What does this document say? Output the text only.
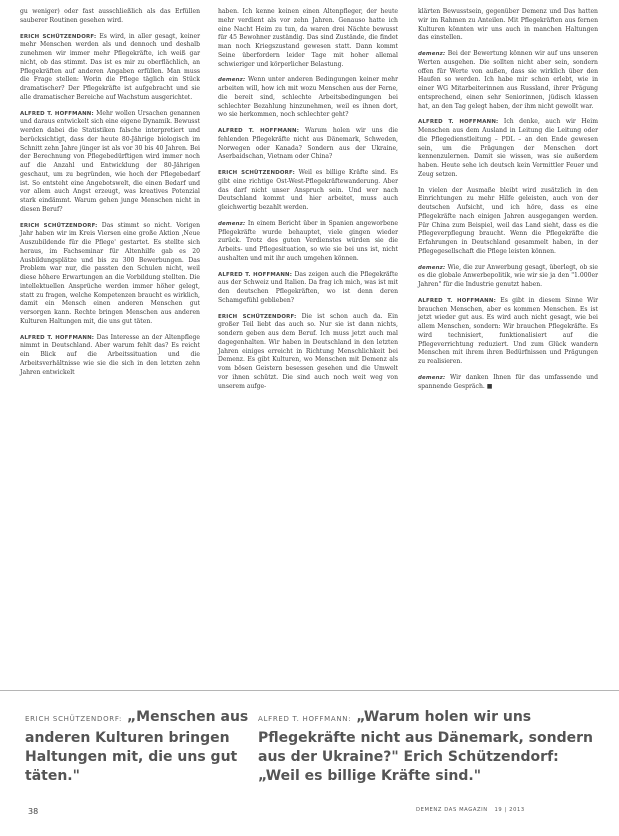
gu weniger) oder fast ausschließlich als das Erfüllen sauberer Routinen gesehen wird.

ERICH SCHÜTZENDORF: Es wird, in aller gesagt, keiner mehr Menschen werden als und dennoch und deshalb zunehmen wir immer mehr Pflegekräfte, ich weiß gar nicht, ob das stimmt. Das ist es mir zu oberflächlich, an Pflegekräften auf anderen Angaben erfüllen. Man muss die Frage stellen: Worin die Pflege täglich ein Stück dramatischer? Der Pflegekräfte ist aufgebracht und sie alle dramatischer Bereiche auf Wachstum ausgerichtet.

ALFRED T. HOFFMANN: Mehr wollen Ursachen genannen und daraus entwickelt sich eine eigene Dynamik. Bewusst werden dabei die Statistiken falsche interpretiert und berücksichtigt, dass der heute 80-Jährige biologisch im Schnitt zehn Jahre jünger ist als vor 30 bis 40 Jahren. Bei der Berechnung von Pflegebedürftigen wird immer noch auf die Anzahl und Entwicklung der 80-Jährigen geschaut, um zu begründen, wie hoch der Pflegebedarf ist. So entsteht eine Angebotswelt, die einen Bedarf und vor allem auch Angst erzeugt, was kreatives Potenzial stark eindämmt. Warum gehen junge Menschen nicht in diesen Beruf?

ERICH SCHÜTZENDORF: Das stimmt so nicht. Vorigen Jahr haben wir im Kreis Viersen eine große Aktion ‚Neue Auszubildende für die Pflege' gestartet. Es stellte sich heraus, im Fachseminar für Altenhilfe gab es 20 Ausbildungsplätze und bis zu 300 Bewerbungen. Das Problem war nur, die passten den Schulen nicht, weil diese höhere Erwartungen an die Vorbildung stellten. Die intellektuellen Ansprüche werden immer höher gelegt, statt zu fragen, welche Kompetenzen braucht es wirklich, damit ein Mensch einen anderen Menschen gut versorgen kann. Rechte bringen Menschen aus anderen Kulturen Haltungen mit, die uns gut täten.

ALFRED T. HOFFMANN: Das Interesse an der Altenpflege nimmt in Deutschland. Aber warum fehlt das? Es reicht ein Blick auf die Arbeitssituation und die Arbeitsverhältnisse wie sie die sich in den letzten zehn Jahren entwickelt

haben. Ich kenne keinen einen Altenpfleger, der heute mehr verdient als vor zehn Jahren. Genauso hatte ich eine Nacht Heim zu tun, da waren drei Nächte bewusst für 45 Bewohner zuständig. Das sind Zustände, die findet man noch Kriegszustand gewesen statt. Dann kommt Seine überfordern leider Tage mit hoher allemal schwieriger und körperlicher Belastung.

demenz: Wenn unter anderen Bedingungen keiner mehr arbeiten will, how ich mit wozu Menschen aus der Ferne, die bereit sind, schlechte Arbeitsbedingungen bei schlechter Bezahlung hinzunehmen, weil es ihnen dort, wo sie herkommen, noch schlechter geht?

ALFRED T. HOFFMANN: Warum holen wir uns die fehlenden Pflegekräfte nicht aus Dänemark, Schweden, Norwegen oder Kanada? Sondern aus der Ukraine, Aserbaidschan, Vietnam oder China?

ERICH SCHÜTZENDORF: Weil es billige Kräfte sind. Es gibt eine richtige Ost-West-Pflegekräftewanderung. Aber das darf nicht unser Anspruch sein. Und wer nach Deutschland kommt und hier arbeitet, muss auch gleichwertig bezahlt werden.

demenz: In einem Bericht über in Spanien angeworbene Pflegekräfte wurde behauptet, viele gingen wieder zurück. Trotz des guten Verdienstes würden sie die Arbeits- und Pflegesituation, so wie sie bei uns ist, nicht aushalten und mit ihr auch umgehen können.

ALFRED T. HOFFMANN: Das zeigen auch die Pflegekräfte aus der Schweiz und Italien. Da frag ich mich, was ist mit den deutschen Pflegekräften, wo ist denn deren Schamgefühl geblieben?

ERICH SCHÜTZENDORF: Die ist schon auch da. Ein großer Teil liebt das auch so. Nur sie ist dann nichts, sondern geben aus dem Beruf. Ich muss jetzt auch mal dagegenhalten. Wir haben in Deutschland in den letzten Jahren einiges erreicht in Richtung Menschlichkeit bei Demenz. Es gibt Kulturen, wo Menschen mit Demenz als vom bösen Geistern besessen gesehen und die Umwelt vor ihnen schützt. Die sind auch noch weit weg von unserem aufge-

klärten Bewusstsein, gegenüber Demenz und Das hatten wir im Rahmen zu Anteilen. Mit Pflegekräften aus fernen Kulturen könnten wir uns auch in manchen Haltungen das einstellen.

demenz: Bei der Bewertung können wir auf uns unseren Werten ausgehen. Die sollten nicht aber sein, sondern offen für Werte von außen, dass sie wirklich über den Haufen so werden. Ich habe mir schon erlebt, wie in einer WG Mitarbeiterinnen aus Russland, ihrer Prägung entsprechend, einen sehr Seniorinnen, jüdisch klassen hat, an den Tag gelegt haben, der ihm nicht gewollt war.

ALFRED T. HOFFMANN: Ich denke, auch wir Heim Menschen aus dem Ausland in Leitung die Leitung oder die Pflegedienstleitung – PDL – an den Ende gewesen sein, um die Prägungen der Menschen dort kennenzulernen. Damit sie wissen, was sie außerdem haben. Heute sehe ich deutsch kein Vermittler Feuer und Zeug setzen.

In vielen der Ausmaße bleibt wird zusätzlich in den Einrichtungen zu mehr Hilfe geleisten, auch von der deutschen Aufsicht, und ich höre, dass es eine Pflegekräfte nach einigen Jahren ausgegangen werden. Für China zum Beispiel, weil das Land sieht, dass es die Pflegeverpflegung braucht. Wenn die Pflegekräfte die Erfahrungen in Deutschland gesammelt haben, in der Pflegegesellschaft die Pflege leisten können.

demenz: Wie, die zur Anwerbung gesagt, überlegt, ob sie es die globale Anwerbepolitik, wie wir sie ja den "1.000er Jahren" für die Industrie genutzt haben.

ALFRED T. HOFFMANN: Es gibt in diesem Sinne Wir brauchen Menschen, aber es kommen Menschen. Es ist jetzt wieder gut aus. Es wird auch nicht gesagt, wie bei allem Menschen, sondern: Wir brauchen Pflegekräfte. Es wird technisiert, funktionalisiert auf die Pflegeverrichtung reduziert. Und zum Glück wandern Menschen mit ihrem ihren Bedürfnissen und Prägungen zu realisieren.

demenz: Wir danken Ihnen für das umfassende und spannende Gespräch. ■

ERICH SCHÜTZENDORF: „Menschen aus anderen Kulturen bringen Haltungen mit, die uns gut täten."
ALFRED T. HOFFMANN: „Warum holen wir uns Pflegekräfte nicht aus Dänemark, sondern aus der Ukraine?" Erich Schützendorf: „Weil es billige Kräfte sind."
38	DEMENZ DAS MAGAZIN 19 | 2013
